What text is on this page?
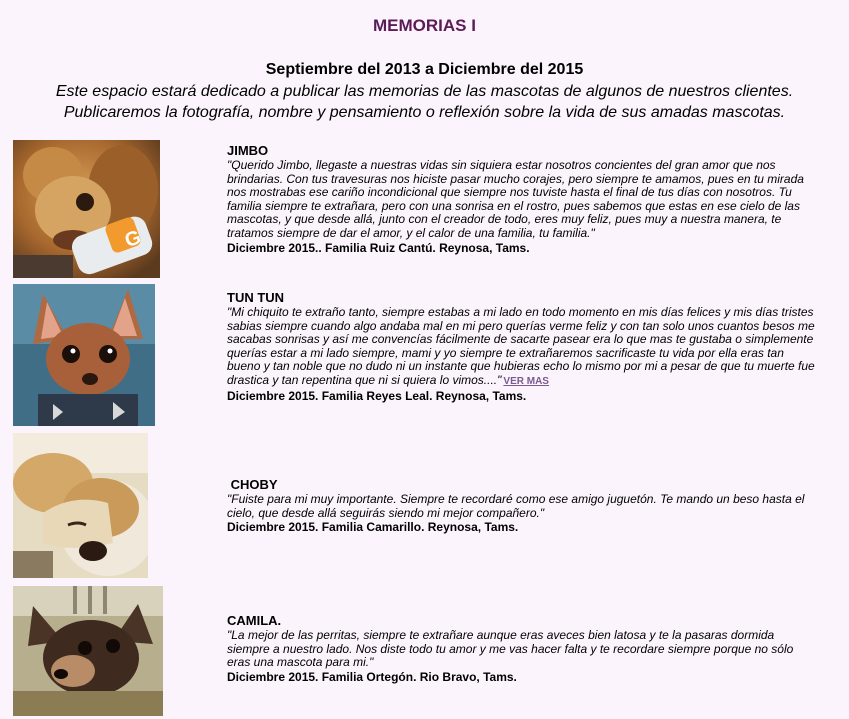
MEMORIAS I
Septiembre del 2013 a Diciembre del 2015
Este espacio estará dedicado a publicar las memorias de las mascotas de algunos de nuestros clientes.
Publicaremos la fotografía, nombre y pensamiento o reflexión sobre la vida de sus amadas mascotas.
G
JIMBO
"Querido Jimbo, llegaste a nuestras vidas sin siquiera estar nosotros concientes del gran amor que nos brindarias. Con tus travesuras nos hiciste pasar mucho corajes, pero siempre te amamos, pues en tu mirada nos mostrabas ese cariño incondicional que siempre nos tuviste hasta el final de tus días con nosotros. Tu familia siempre te extrañara, pero con una sonrisa en el rostro, pues sabemos que estas en ese cielo de las mascotas, y que desde allá, junto con el creador de todo, eres muy feliz, pues muy a nuestra manera, te tratamos siempre de dar el amor, y el calor de una familia, tu familia."
Diciembre 2015.. Familia Ruiz Cantú. Reynosa, Tams.
TUN TUN
"Mi chiquito te extraño tanto, siempre estabas a mi lado en todo momento en mis días felices y mis días tristes sabias siempre cuando algo andaba mal en mi pero querías verme feliz y con tan solo unos cuantos besos me sacabas sonrisas y así me convencías fácilmente de sacarte pasear era lo que mas te gustaba o simplemente querías estar a mi lado siempre, mami y yo siempre te extrañaremos sacrificaste tu vida por ella eras tan bueno y tan noble que no dudo ni un instante que hubieras echo lo mismo por mi a pesar de que tu muerte fue drastica y tan repentina que ni si quiera lo vimos...." VER MAS
Diciembre 2015. Familia Reyes Leal. Reynosa, Tams.
CHOBY
"Fuiste para mi muy importante. Siempre te recordaré como ese amigo juguetón. Te mando un beso hasta el cielo, que desde allá seguirás siendo mi mejor compañero."
Diciembre 2015. Familia Camarillo. Reynosa, Tams.
CAMILA.
"La mejor de las perritas, siempre te extrañare aunque eras aveces bien latosa y te la pasaras dormida siempre a nuestro lado. Nos diste todo tu amor y me vas hacer falta y te recordare siempre porque no sólo eras una mascota para mi."
Diciembre 2015. Familia Ortegón. Rio Bravo, Tams.
